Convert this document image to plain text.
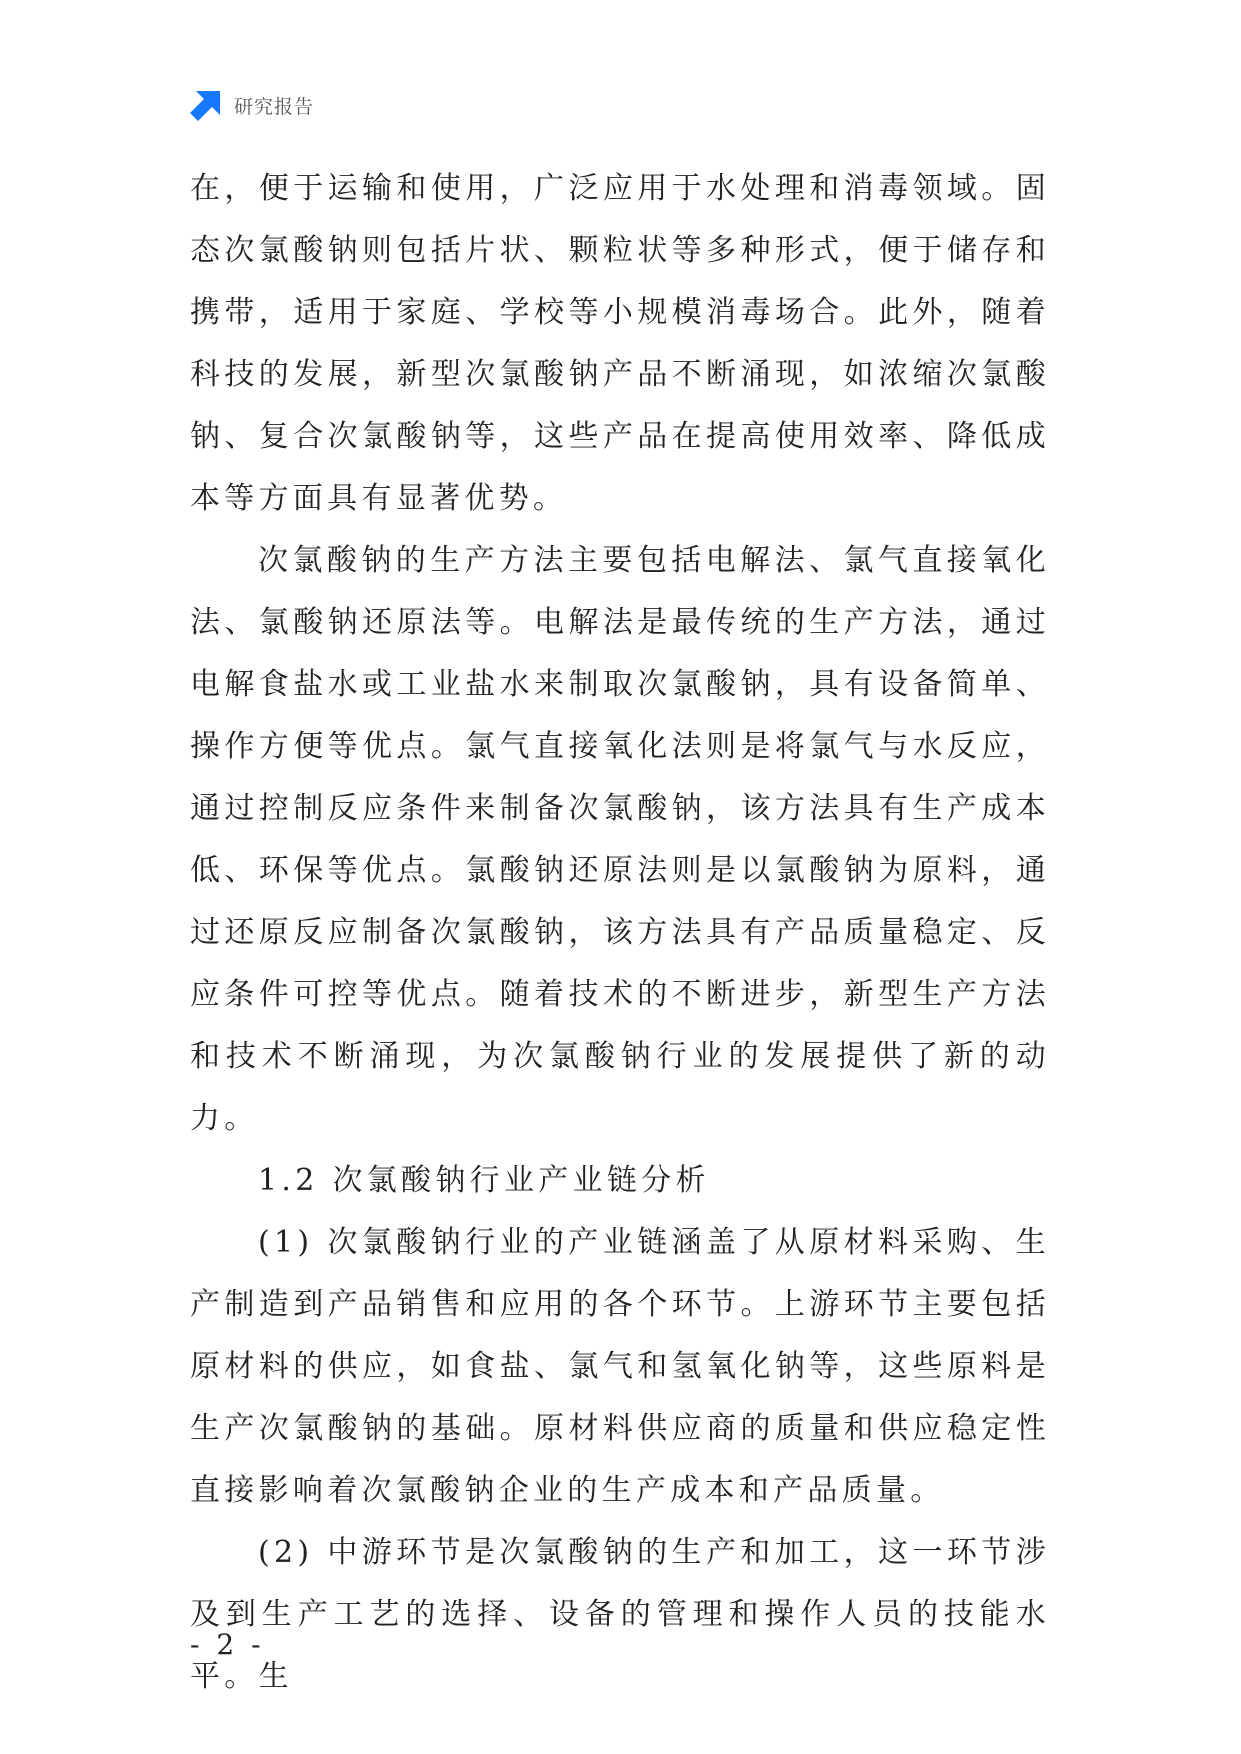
研究报告

在，便于运输和使用，广泛应用于水处理和消毒领域。固态次氯酸钠则包括片状、颗粒状等多种形式，便于储存和携带，适用于家庭、学校等小规模消毒场合。此外，随着科技的发展，新型次氯酸钠产品不断涌现，如浓缩次氯酸钠、复合次氯酸钠等，这些产品在提高使用效率、降低成本等方面具有显著优势。

次氯酸钠的生产方法主要包括电解法、氯气直接氧化法、氯酸钠还原法等。电解法是最传统的生产方法，通过电解食盐水或工业盐水来制取次氯酸钠，具有设备简单、操作方便等优点。氯气直接氧化法则是将氯气与水反应，通过控制反应条件来制备次氯酸钠，该方法具有生产成本低、环保等优点。氯酸钠还原法则是以氯酸钠为原料，通过还原反应制备次氯酸钠，该方法具有产品质量稳定、反应条件可控等优点。随着技术的不断进步，新型生产方法和技术不断涌现，为次氯酸钠行业的发展提供了新的动力。

1.2 次氯酸钠行业产业链分析

(1) 次氯酸钠行业的产业链涵盖了从原材料采购、生产制造到产品销售和应用的各个环节。上游环节主要包括原材料的供应，如食盐、氯气和氢氧化钠等，这些原料是生产次氯酸钠的基础。原材料供应商的质量和供应稳定性直接影响着次氯酸钠企业的生产成本和产品质量。

(2) 中游环节是次氯酸钠的生产和加工，这一环节涉及到生产工艺的选择、设备的管理和操作人员的技能水平。生

- 2 -
